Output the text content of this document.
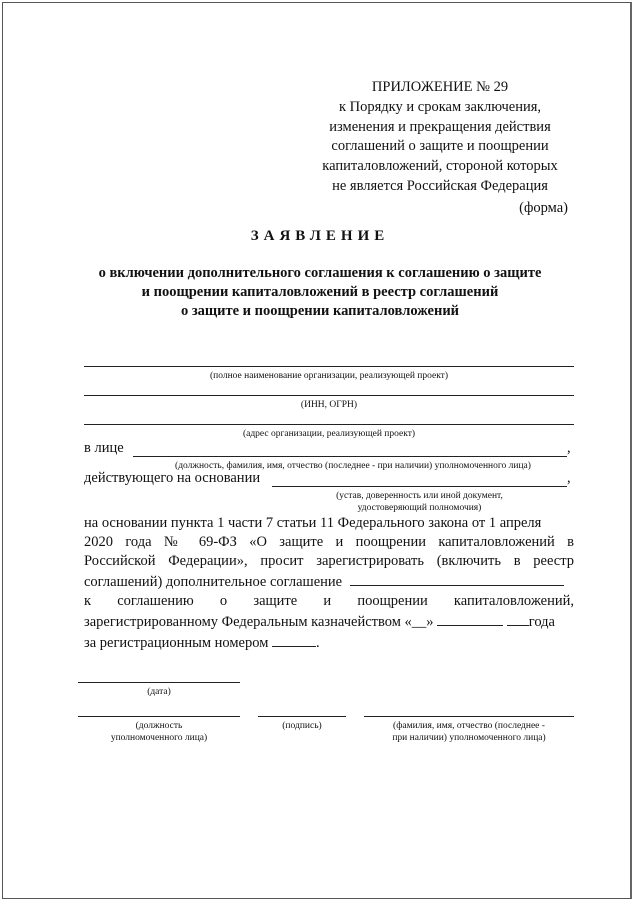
ПРИЛОЖЕНИЕ № 29
к Порядку и срокам заключения,
изменения и прекращения действия
соглашений о защите и поощрении
капиталовложений, стороной которых
не является Российская Федерация
(форма)
ЗАЯВЛЕНИЕ
о включении дополнительного соглашения к соглашению о защите
и поощрении капиталовложений в реестр соглашений
о защите и поощрении капиталовложений
(полное наименование организации, реализующей проект)
(ИНН, ОГРН)
(адрес организации, реализующей проект)
в лице	,
(должность, фамилия, имя, отчество (последнее - при наличии) уполномоченного лица)
действующего на основании	,
(устав, доверенность или иной документ,
удостоверяющий полномочия)
на основании пункта 1 части 7 статьи 11 Федерального закона от 1 апреля
2020 года № 69-ФЗ «О защите и поощрении капиталовложений в
Российской Федерации», просит зарегистрировать (включить в реестр
соглашений) дополнительное соглашение
к соглашению о защите и поощрении капиталовложений,
зарегистрированному Федеральным казначейством «__»	года
за регистрационным номером	.
(дата)
(должность
уполномоченного лица)
(подпись)	(фамилия, имя, отчество (последнее -
при наличии) уполномоченного лица)
